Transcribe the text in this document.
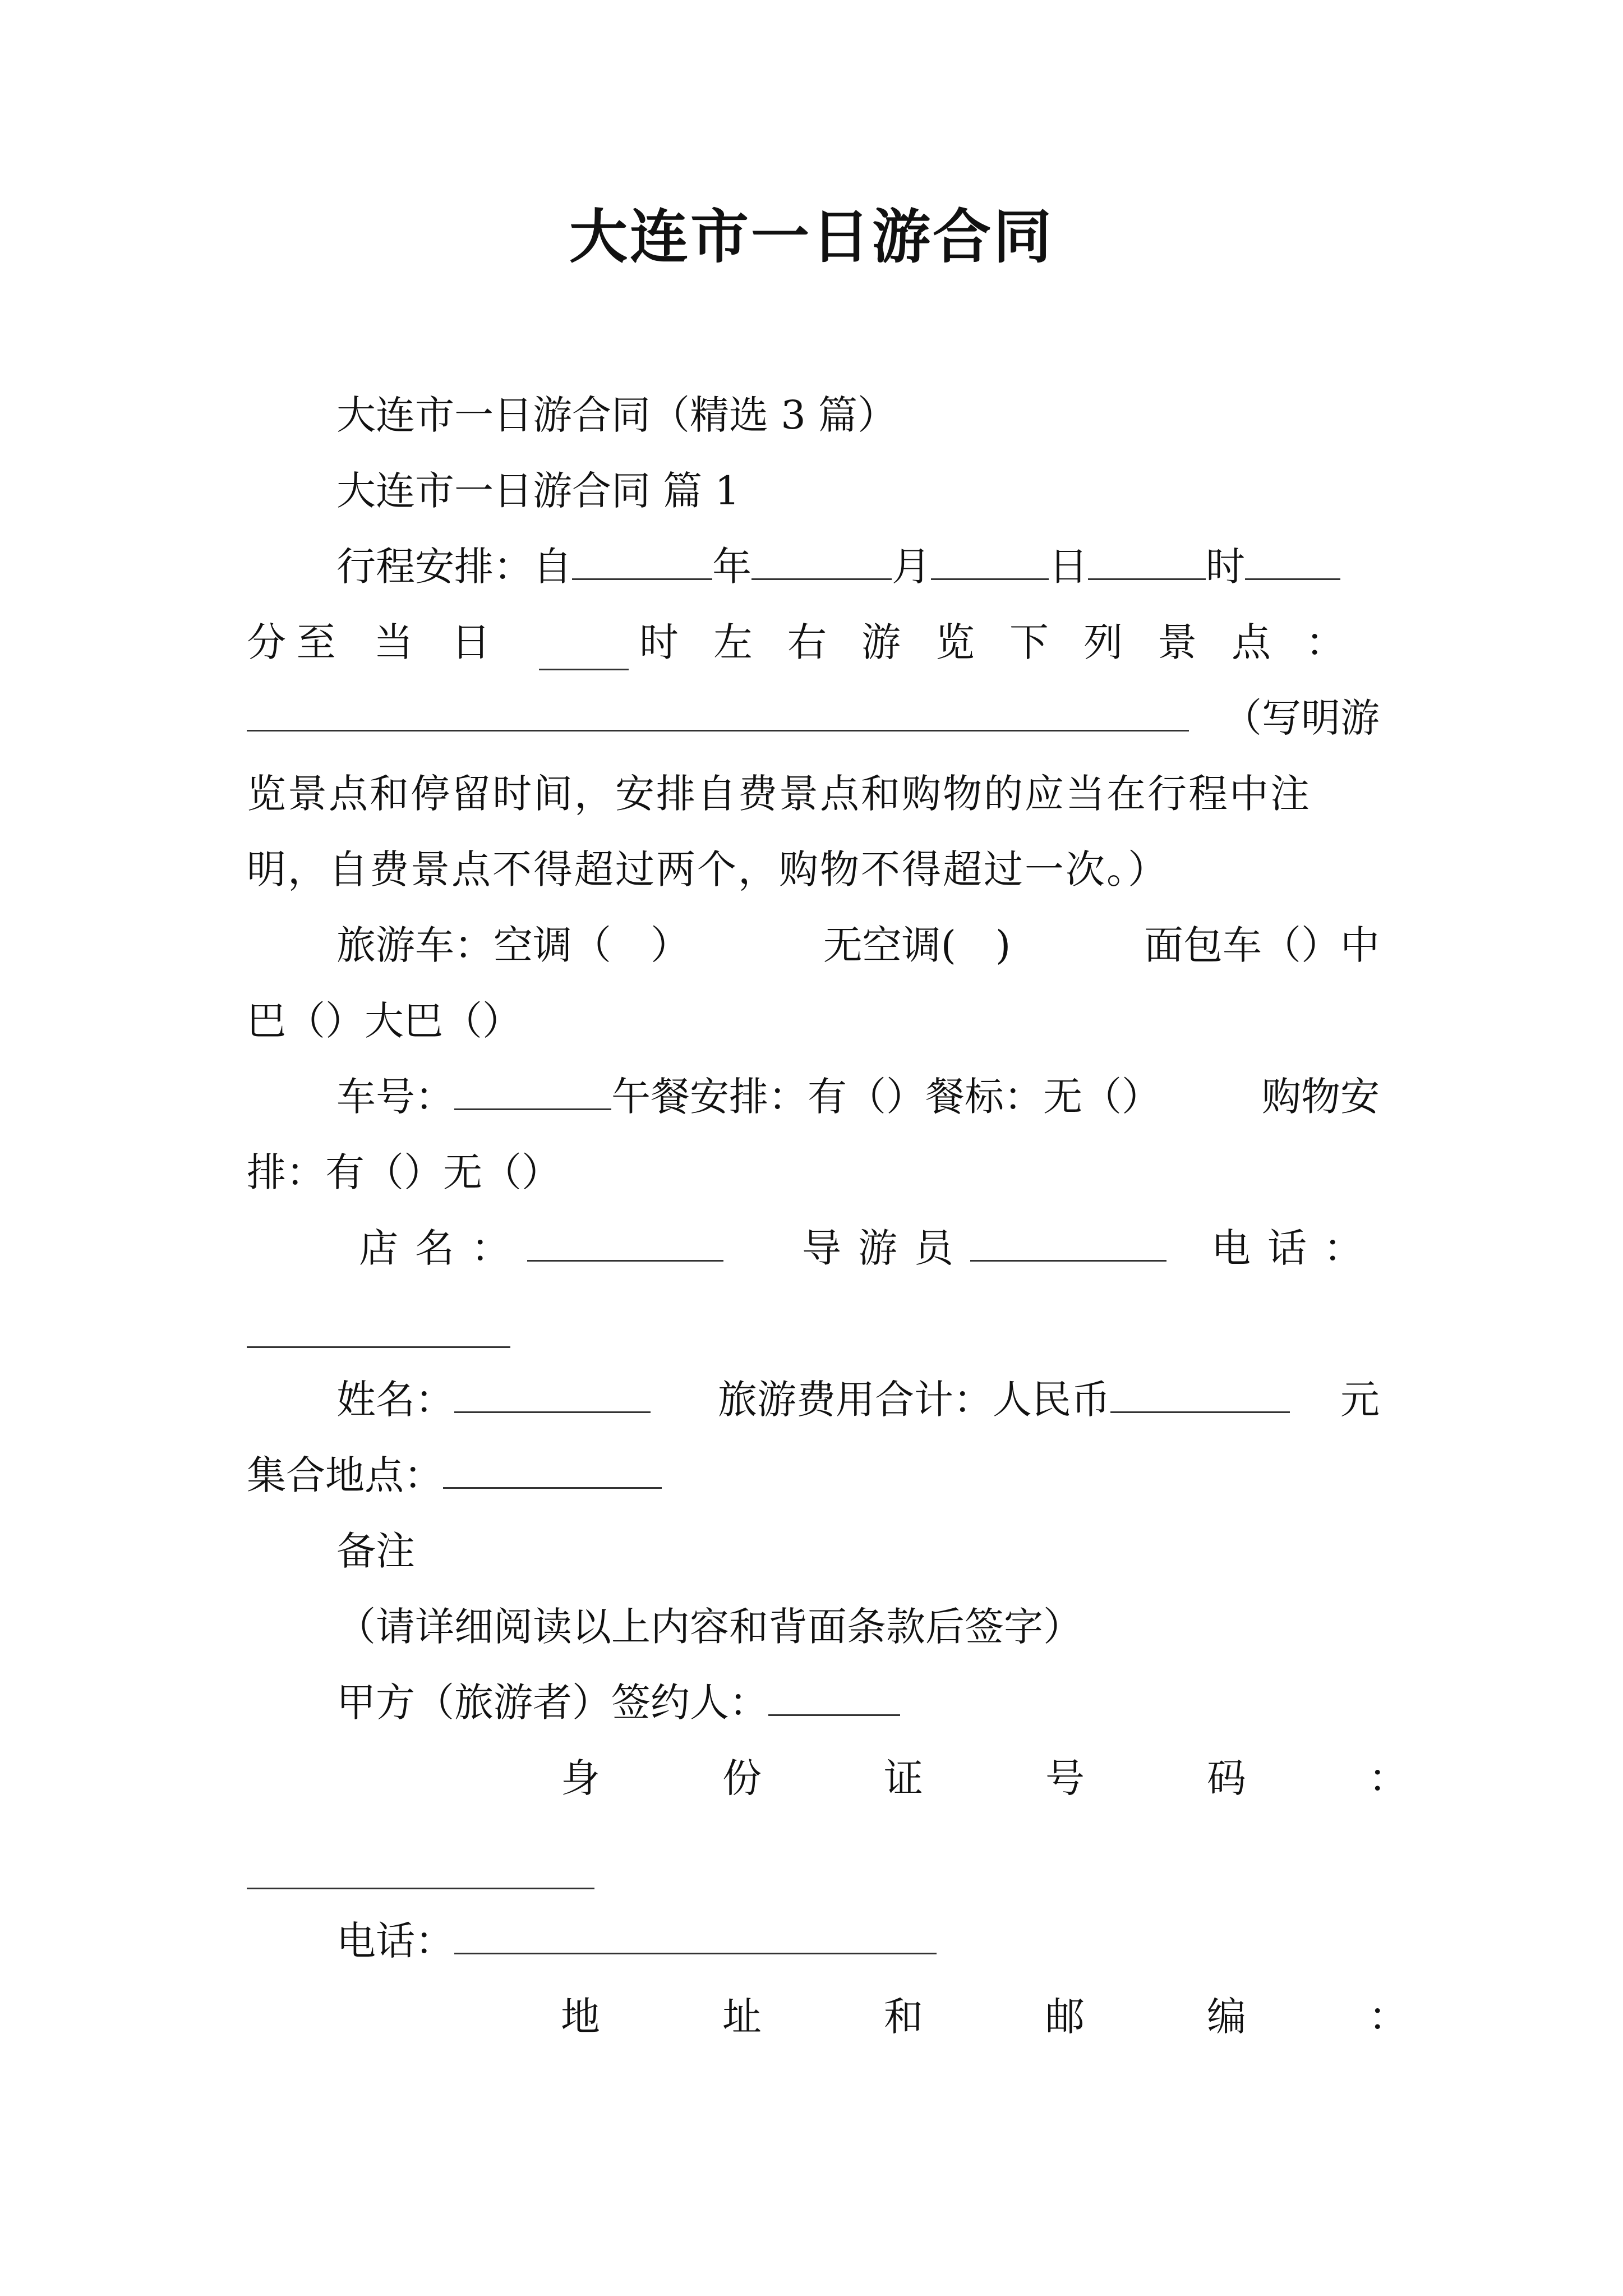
大连市一日游合同
大连市一日游合同（精选 3 篇）
大连市一日游合同 篇 1
行程安排：自	年	月	日	时
分 至当日	时左右游览下列景点：
（写明游
览景点和停留时间，安排自费景点和购物的应当在行程中注
明，自费景点不得超过两个，购物不得超过一次。）
旅游车：空调（　）	无空调(　)	面包车（）中
巴（）大巴（）
车号：	午餐安排：有（）餐标：无（）	购物安
排：有（）无（）
店名：	导游员	电话：
姓名：	旅游费用合计：人民币	元
集合地点：
备注
（请详细阅读以上内容和背面条款后签字）
甲方（旅游者）签约人：
身份证号码：
电话：
地址和邮编：
